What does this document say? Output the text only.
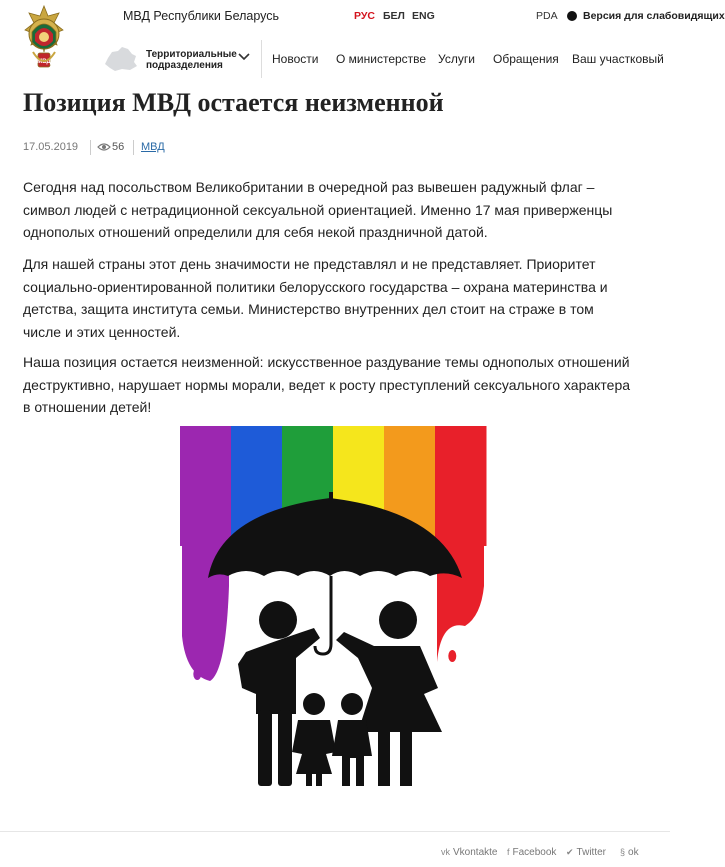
МВД Республики Беларусь	РУС БЕЛ ENG	PDA Версия для слабовидящих
МВД
Территориальные
подразделения	Новости О министерстве Услуги Обращения Ваш участковый
Позиция МВД остается неизменной
17.05.2019	56 МВД
Сегодня над посольством Великобритании в очередной раз вывешен радужный флаг –
символ людей с нетрадиционной сексуальной ориентацией. Именно 17 мая приверженцы
однополых отношений определили для себя некой праздничной датой.
Для нашей страны этот день значимости не представлял и не представляет. Приоритет
социально-ориентированной политики белорусского государства – охрана материнства и
детства, защита института семьи. Министерство внутренних дел стоит на страже в том
числе и этих ценностей.
Наша позиция остается неизменной: искусственное раздувание темы однополых отношений
деструктивно, нарушает нормы морали, ведет к росту преступлений сексуального характера
в отношении детей!
vk Vkontakte f Facebook ✔ Twitter § ok
